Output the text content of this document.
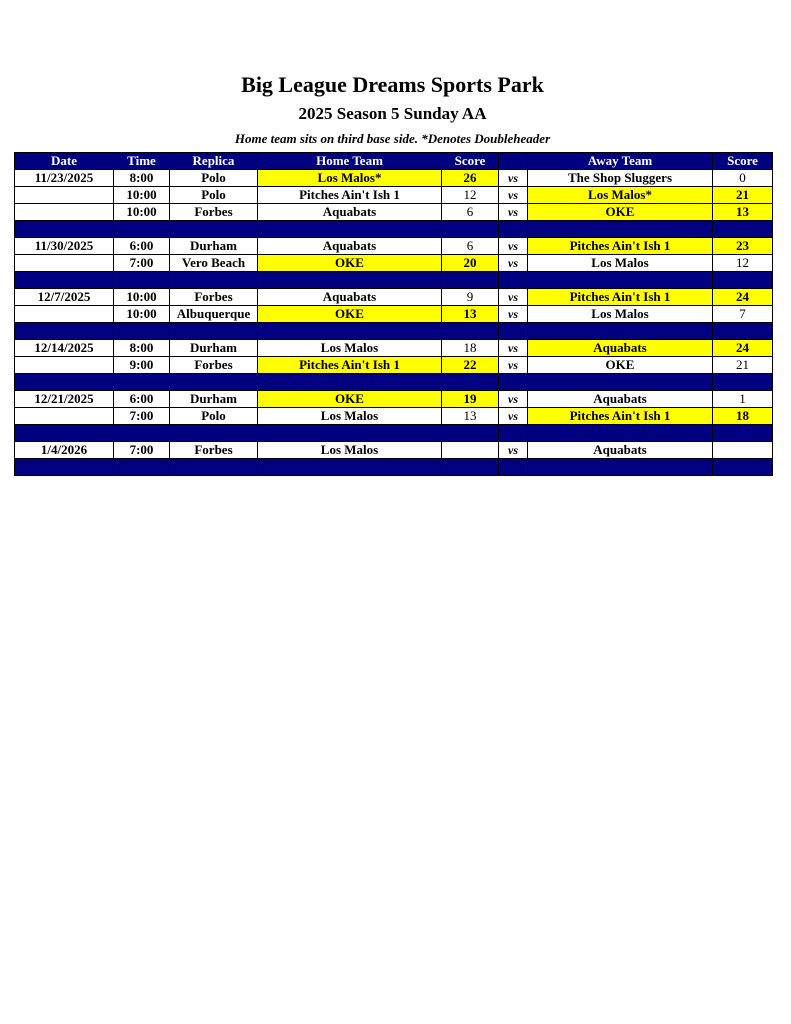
Big League Dreams Sports Park
2025 Season 5 Sunday AA
Home team sits on third base side. *Denotes Doubleheader
Date	Time	Replica	Home Team	Score		Away Team	Score
11/23/2025	8:00	Polo	Los Malos*	26	vs	The Shop Sluggers	0
	10:00	Polo	Pitches Ain't Ish 1	12	vs	Los Malos*	21
	10:00	Forbes	Aquabats	6	vs	OKE	13

11/30/2025	6:00	Durham	Aquabats	6	vs	Pitches Ain't Ish 1	23
	7:00	Vero Beach	OKE	20	vs	Los Malos	12

12/7/2025	10:00	Forbes	Aquabats	9	vs	Pitches Ain't Ish 1	24
	10:00	Albuquerque	OKE	13	vs	Los Malos	7

12/14/2025	8:00	Durham	Los Malos	18	vs	Aquabats	24
	9:00	Forbes	Pitches Ain't Ish 1	22	vs	OKE	21

12/21/2025	6:00	Durham	OKE	19	vs	Aquabats	1
	7:00	Polo	Los Malos	13	vs	Pitches Ain't Ish 1	18

1/4/2026	7:00	Forbes	Los Malos		vs	Aquabats	
